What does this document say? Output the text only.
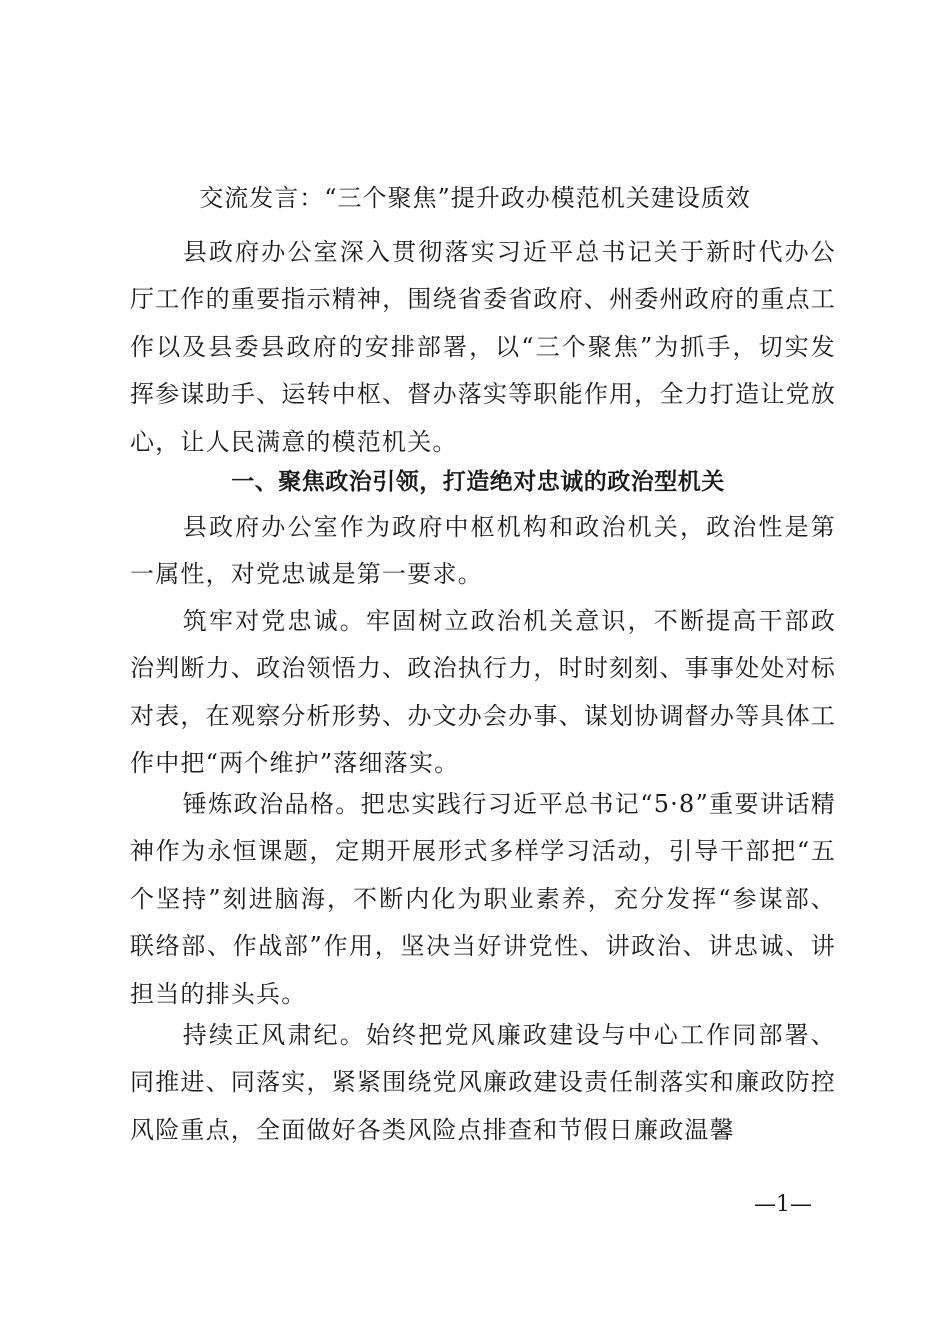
交流发言：“三个聚焦”提升政办模范机关建设质效

县政府办公室深入贯彻落实习近平总书记关于新时代办公厅工作的重要指示精神，围绕省委省政府、州委州政府的重点工作以及县委县政府的安排部署，以“三个聚焦”为抓手，切实发挥参谋助手、运转中枢、督办落实等职能作用，全力打造让党放心，让人民满意的模范机关。

一、聚焦政治引领，打造绝对忠诚的政治型机关

县政府办公室作为政府中枢机构和政治机关，政治性是第一属性，对党忠诚是第一要求。

筑牢对党忠诚。牢固树立政治机关意识，不断提高干部政治判断力、政治领悟力、政治执行力，时时刻刻、事事处处对标对表，在观察分析形势、办文办会办事、谋划协调督办等具体工作中把“两个维护”落细落实。

锤炼政治品格。把忠实践行习近平总书记“5·8”重要讲话精神作为永恒课题，定期开展形式多样学习活动，引导干部把“五个坚持”刻进脑海，不断内化为职业素养，充分发挥“参谋部、联络部、作战部”作用，坚决当好讲党性、讲政治、讲忠诚、讲担当的排头兵。

持续正风肃纪。始终把党风廉政建设与中心工作同部署、同推进、同落实，紧紧围绕党风廉政建设责任制落实和廉政防控风险重点，全面做好各类风险点排查和节假日廉政温馨

—1—
